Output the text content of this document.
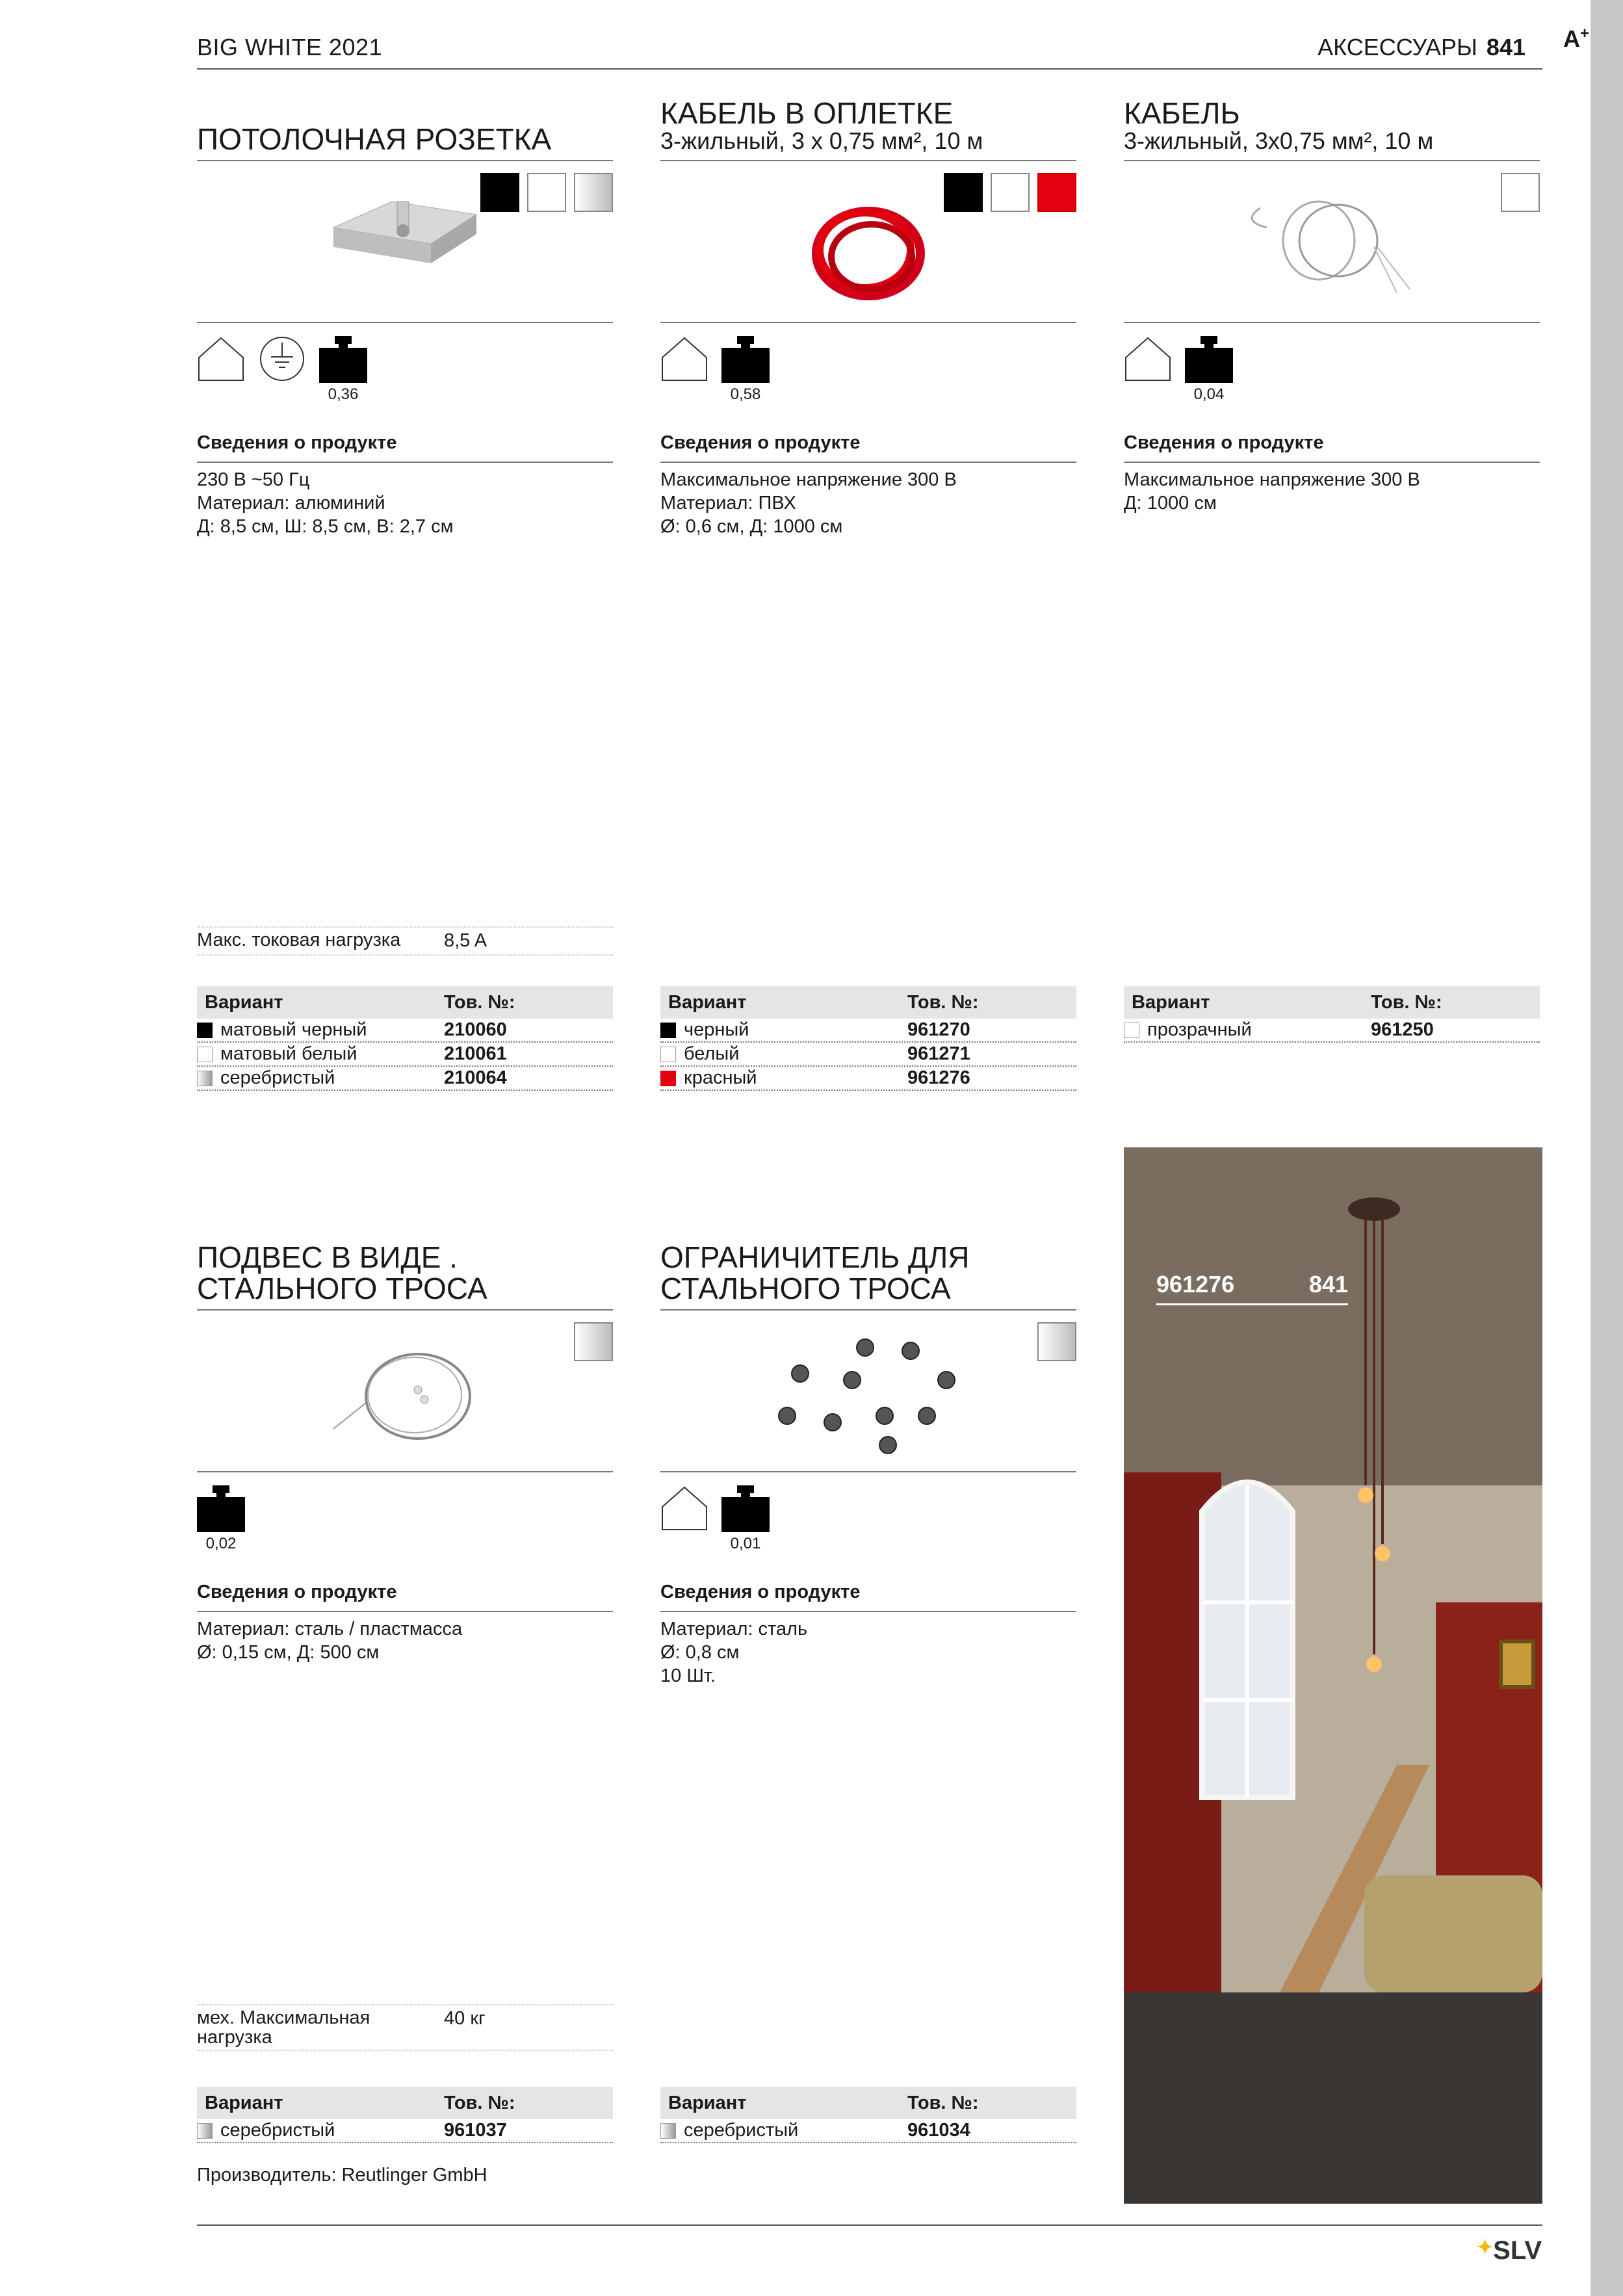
BIG WHITE 2021	АКСЕССУАРЫ 841 A+
ПОТОЛОЧНАЯ РОЗЕТКА
0,36
Сведения о продукте
230 В ~50 Гц
Материал: алюминий
Д: 8,5 см, Ш: 8,5 см, В: 2,7 см
Макс. токовая нагрузка	8,5 A
Вариант	Тов. №:
матовый черный	210060
матовый белый	210061
серебристый	210064
КАБЕЛЬ В ОПЛЕТКЕ
3-жильный, 3 x 0,75 мм², 10 м
0,58
Сведения о продукте
Максимальное напряжение 300 В
Материал: ПВХ
Ø: 0,6 см, Д: 1000 см
Вариант	Тов. №:
черный	961270
белый	961271
красный	961276
КАБЕЛЬ
3-жильный, 3x0,75 мм², 10 м
0,04
Сведения о продукте
Максимальное напряжение 300 В
Д: 1000 см
Вариант	Тов. №:
прозрачный	961250
ПОДВЕС В ВИДЕ .
СТАЛЬНОГО ТРОСА
0,02
Сведения о продукте
Материал: сталь / пластмасса
Ø: 0,15 см, Д: 500 см
мех. Максимальная нагрузка
40 кг
Вариант	Тов. №:
серебристый	961037
ОГРАНИЧИТЕЛЬ ДЛЯ
СТАЛЬНОГО ТРОСА
0,01
Сведения о продукте
Материал: сталь
Ø: 0,8 см
10 Шт.
Вариант	Тов. №:
серебристый	961034
961276	841
Производитель: Reutlinger GmbH
✦SLV
